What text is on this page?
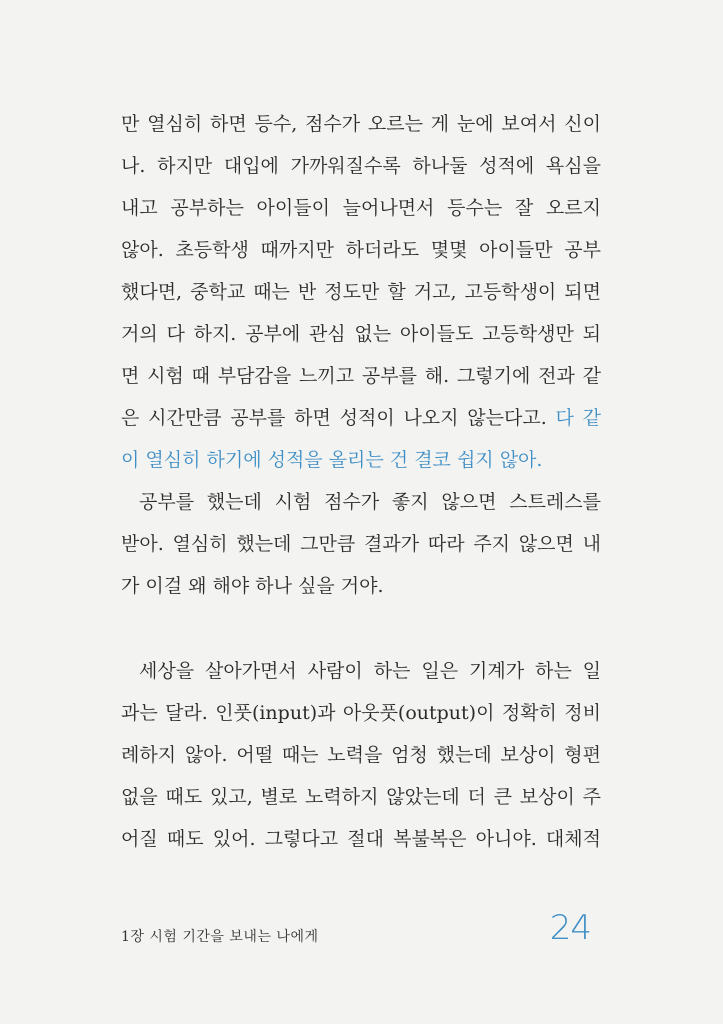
만 열심히 하면 등수, 점수가 오르는 게 눈에 보여서 신이
나. 하지만 대입에 가까워질수록 하나둘 성적에 욕심을
내고 공부하는 아이들이 늘어나면서 등수는 잘 오르지
않아. 초등학생 때까지만 하더라도 몇몇 아이들만 공부
했다면, 중학교 때는 반 정도만 할 거고, 고등학생이 되면
거의 다 하지. 공부에 관심 없는 아이들도 고등학생만 되
면 시험 때 부담감을 느끼고 공부를 해. 그렇기에 전과 같
은 시간만큼 공부를 하면 성적이 나오지 않는다고. 다 같
이 열심히 하기에 성적을 올리는 건 결코 쉽지 않아.
공부를 했는데 시험 점수가 좋지 않으면 스트레스를
받아. 열심히 했는데 그만큼 결과가 따라 주지 않으면 내
가 이걸 왜 해야 하나 싶을 거야.
세상을 살아가면서 사람이 하는 일은 기계가 하는 일
과는 달라. 인풋(input)과 아웃풋(output)이 정확히 정비
례하지 않아. 어떨 때는 노력을 엄청 했는데 보상이 형편
없을 때도 있고, 별로 노력하지 않았는데 더 큰 보상이 주
어질 때도 있어. 그렇다고 절대 복불복은 아니야. 대체적
1장 시험 기간을 보내는 나에게	24
